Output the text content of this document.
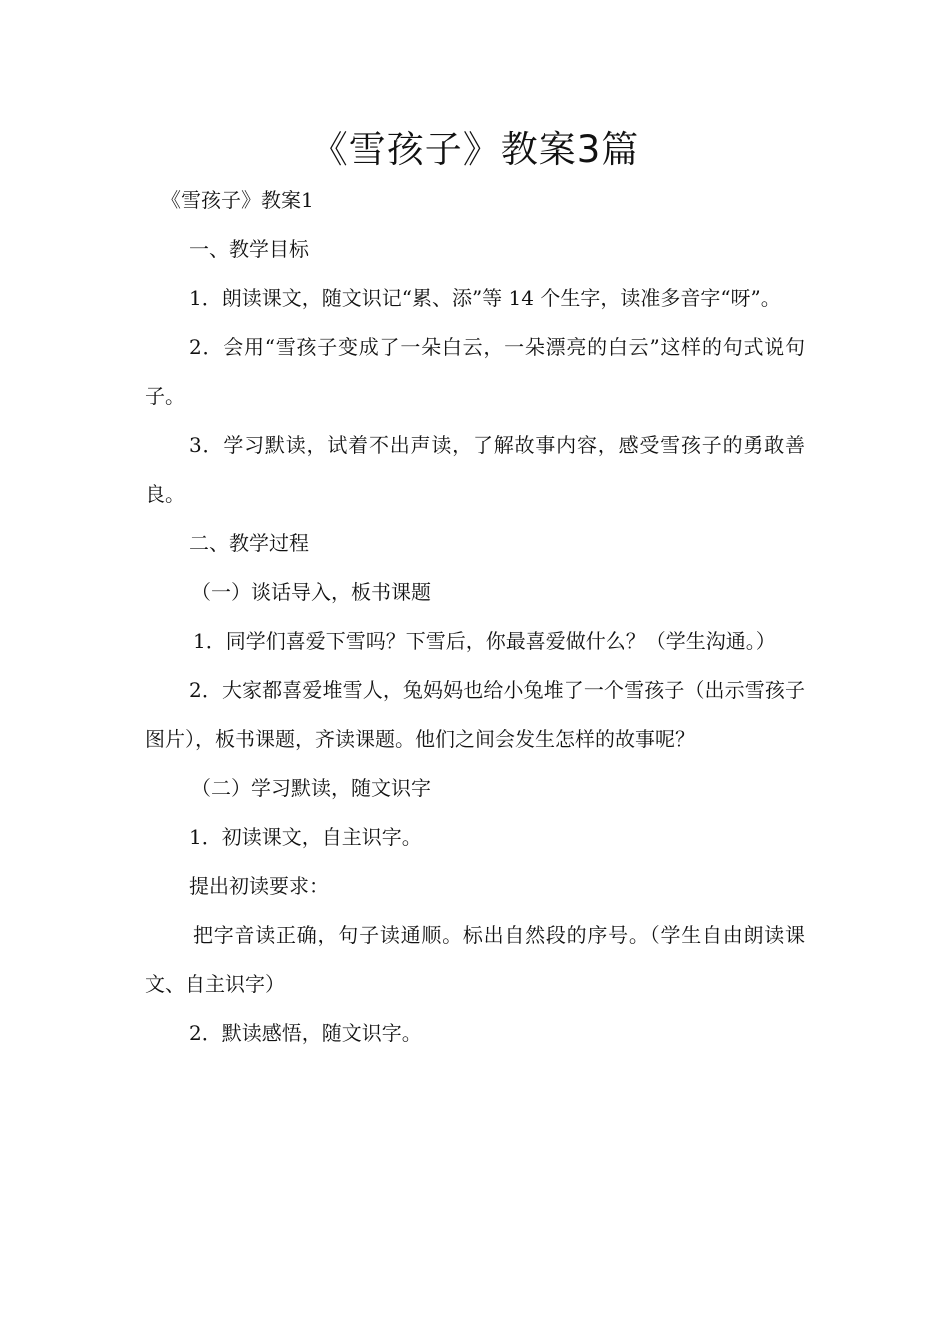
《雪孩子》教案3篇

《雪孩子》教案1

一、教学目标

1．朗读课文，随文识记“累、添”等 14 个生字，读准多音字“呀”。

2．会用“雪孩子变成了一朵白云，一朵漂亮的白云”这样的句式说句子。

3．学习默读，试着不出声读，了解故事内容，感受雪孩子的勇敢善良。

二、教学过程

（一）谈话导入，板书课题

1．同学们喜爱下雪吗？下雪后，你最喜爱做什么？（学生沟通。）

2．大家都喜爱堆雪人，兔妈妈也给小兔堆了一个雪孩子（出示雪孩子图片），板书课题，齐读课题。他们之间会发生怎样的故事呢？

（二）学习默读，随文识字

1．初读课文，自主识字。

提出初读要求：

把字音读正确，句子读通顺。标出自然段的序号。（学生自由朗读课文、自主识字）

2．默读感悟，随文识字。
